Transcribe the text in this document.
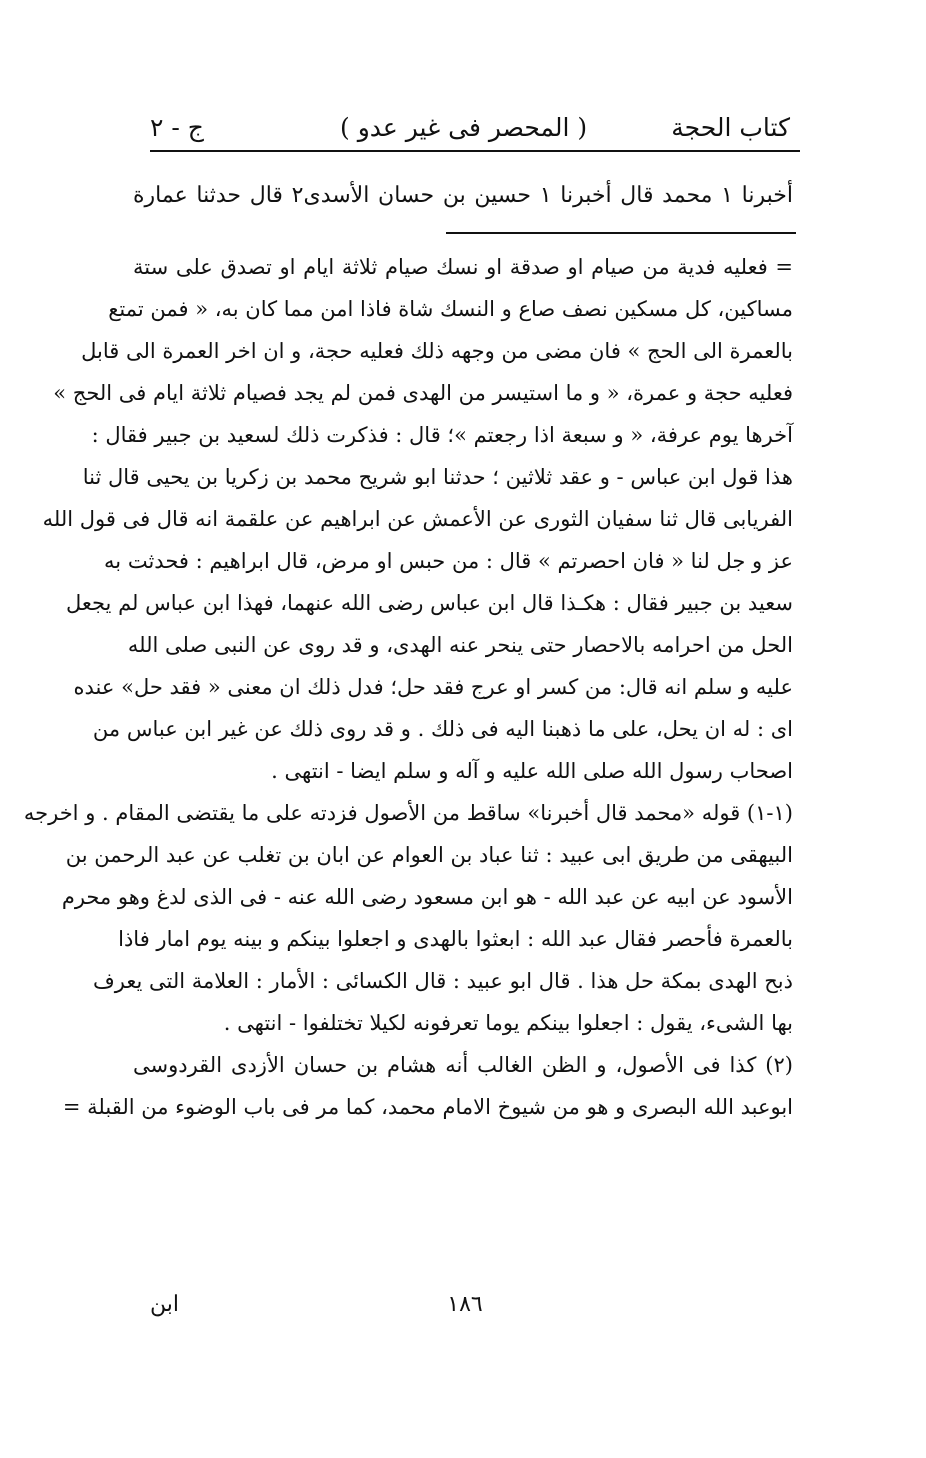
كتاب الحجة
( المحصر فى غير عدو )
ج - ٢
أخبرنا ١ محمد قال أخبرنا ١ حسين بن حسان الأسدى٢ قال حدثنا عمارة
= فعليه فدية من صيام او صدقة او نسك صيام ثلاثة ايام او تصدق على ستة
مساكين، كل مسكين نصف صاع و النسك شاة فاذا امن مما كان به، « فمن تمتع
بالعمرة الى الحج » فان مضى من وجهه ذلك فعليه حجة، و ان اخر العمرة الى قابل
فعليه حجة و عمرة، « و ما استيسر من الهدى فمن لم يجد فصيام ثلاثة ايام فى الحج »
آخرها يوم عرفة، « و سبعة اذا رجعتم »؛ قال : فذكرت ذلك لسعيد بن جبير فقال :
هذا قول ابن عباس - و عقد ثلاثين ؛ حدثنا ابو شريح محمد بن زكريا بن يحيى قال ثنا
الفريابى قال ثنا سفيان الثورى عن الأعمش عن ابراهيم عن علقمة انه قال فى قول الله
عز و جل لنا « فان احصرتم » قال : من حبس او مرض، قال ابراهيم : فحدثت به
سعيد بن جبير فقال : هكـذا قال ابن عباس رضى الله عنهما، فهذا ابن عباس لم يجعل
الحل من احرامه بالاحصار حتى ينحر عنه الهدى، و قد روى عن النبى صلى الله
عليه و سلم انه قال: من كسر او عرج فقد حل؛ فدل ذلك ان معنى « فقد حل» عنده
اى : له ان يحل، على ما ذهبنا اليه فى ذلك . و قد روى ذلك عن غير ابن عباس من
اصحاب رسول الله صلى الله عليه و آله و سلم ايضا - انتهى .
(١-١) قوله «محمد قال أخبرنا» ساقط من الأصول فزدته على ما يقتضى المقام . و اخرجه
البيهقى من طريق ابى عبيد : ثنا عباد بن العوام عن ابان بن تغلب عن عبد الرحمن بن
الأسود عن ابيه عن عبد الله - هو ابن مسعود رضى الله عنه - فى الذى لدغ وهو محرم
بالعمرة فأحصر فقال عبد الله : ابعثوا بالهدى و اجعلوا بينكم و بينه يوم امار فاذا
ذبح الهدى بمكة حل هذا . قال ابو عبيد : قال الكسائى : الأمار : العلامة التى يعرف
بها الشىء، يقول : اجعلوا بينكم يوما تعرفونه لكيلا تختلفوا - انتهى .
(٢) كذا فى الأصول، و الظن الغالب أنه هشام بن حسان الأزدى القردوسى
ابوعبد الله البصرى و هو من شيوخ الامام محمد، كما مر فى باب الوضوء من القبلة =
ابن	١٨٦
